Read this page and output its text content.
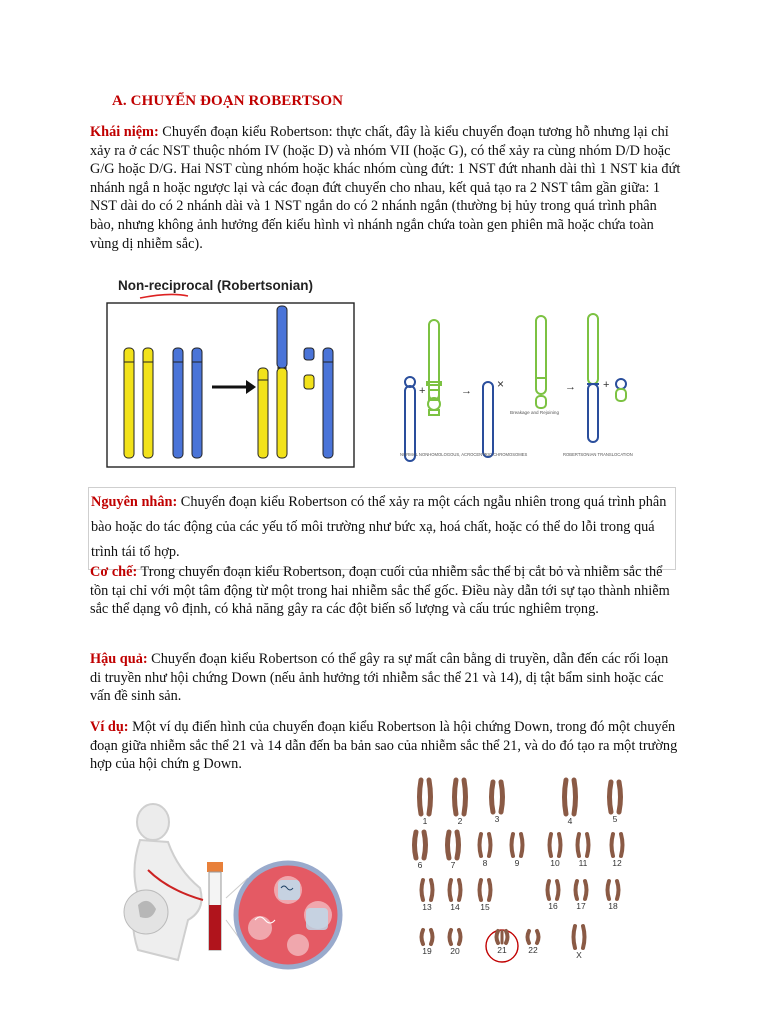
A. CHUYỂN ĐOẠN ROBERTSON
Khái niệm: Chuyển đoạn kiểu Robertson: thực chất, đây là kiểu chuyển đoạn tương hỗ nhưng lại chỉ xảy ra ở các NST thuộc nhóm IV (hoặc D) và nhóm VII (hoặc G), có thể xảy ra cùng nhóm D/D hoặc G/G hoặc D/G. Hai NST cùng nhóm hoặc khác nhóm cùng đứt: 1 NST đứt nhanh dài thì 1 NST kia đứt nhánh ngắ n hoặc ngược lại và các đoạn đứt chuyển cho nhau, kết quả tạo ra 2 NST tâm gần giữa: 1 NST dài do có 2 nhánh dài và 1 NST ngắn do có 2 nhánh ngắn (thường bị hủy trong quá trình phân bào, nhưng không ảnh hưởng đến kiểu hình vì nhánh ngắn chứa toàn gen phiên mã hoặc chứa toàn vùng dị nhiễm sắc).
Non-reciprocal (Robertsonian)
+	→ ×
Breakage and Rejoining
→ +
NORMAL NONHOMOLOGOUS, ACROCENTRIC CHROMOSOMES	ROBERTSONIAN TRANSLOCATION
Nguyên nhân: Chuyển đoạn kiểu Robertson có thể xảy ra một cách ngẫu nhiên trong quá trình phân bào hoặc do tác động của các yếu tố môi trường như bức xạ, hoá chất, hoặc có thể do lỗi trong quá trình tái tổ hợp.
Cơ chế: Trong chuyển đoạn kiểu Robertson, đoạn cuối của nhiễm sắc thể bị cắt bỏ và nhiễm sắc thể tồn tại chỉ với một tâm động từ một trong hai nhiễm sắc thể gốc. Điều này dẫn tới sự tạo thành nhiễm sắc thể dạng vô định, có khả năng gây ra các đột biến số lượng và cấu trúc nghiêm trọng.
Hậu quả: Chuyển đoạn kiểu Robertson có thể gây ra sự mất cân bằng di truyền, dẫn đến các rối loạn di truyền như hội chứng Down (nếu ảnh hưởng tới nhiễm sắc thể 21 và 14), dị tật bẩm sinh hoặc các vấn đề sinh sản.
Ví dụ: Một ví dụ điển hình của chuyển đoạn kiểu Robertson là hội chứng Down, trong đó một chuyển đoạn giữa nhiễm sắc thể 21 và 14 dẫn đến ba bản sao của nhiễm sắc thể 21, và do đó tạo ra một trường hợp của hội chứn g Down.
1	2	3	4	5
6	7	8	9	10 11	12
13 14 15	16 17	18
19 20	21	22	X
